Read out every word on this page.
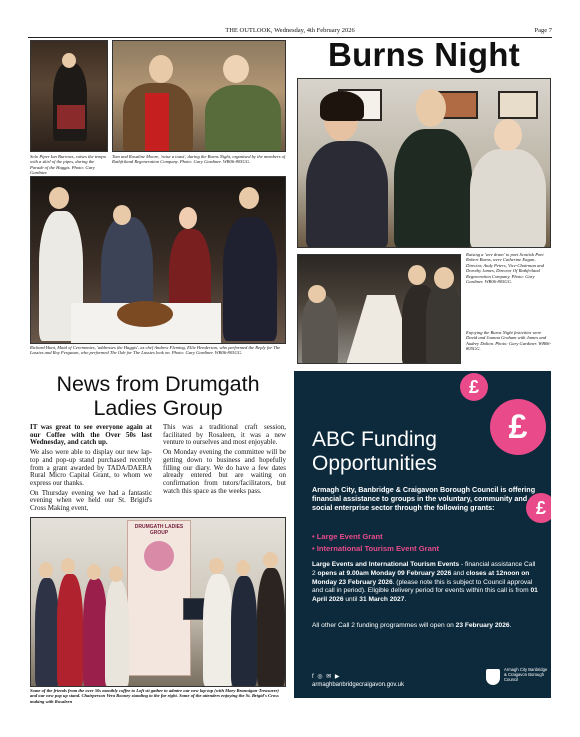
THE OUTLOOK, Wednesday, 4th February 2026	Page 7
Solo Piper Ian Burrows, raises the tempo with a skirl of the pipes, during the Parade of the Haggis. Photo: Gary Gardiner.
Tom and Rosaline Moore, 'raise a toast', during the Burns Night, organised by the members of Rathfriland Regeneration Company. Photo: Gary Gardiner. WB06-805GG.
Richard Hunt, Maid of Ceremonies, 'addresses the Haggis', as chef Andrew Fleming, Ellie Henderson, who performed the Reply for The Lassies and Roy Ferguson, who performed The Ode for The Lassies look on. Photo: Gary Gardiner. WB06-805GG.
Burns Night
Raising a 'wee dram' to poet Scottish Poet Robert Burns, were Catherine Eagan, Director, Andy Peters, Vice-Chairman and Dorothy James, Director Of Rathfriland Regeneration Company. Photo: Gary Gardiner. WB06-805GG.
Enjoying the Burns Night festivities were David and Joanna Graham with James and Audrey Dalton. Photo: Gary Gardiner. WB06-805GG.
News from Drumgath Ladies Group

IT was great to see everyone again at our Coffee with the Over 50s last Wednesday, and catch up.

We also were able to display our new lap-top and pop-up stand purchased recently from a grant awarded by TADA/DAERA Rural Micro Capital Grant, to whom we express our thanks.

On Thursday evening we had a fantastic evening when we held our St. Brigid's Cross Making event,

This was a traditional craft session, facilitated by Rosaleen, it was a new venture to ourselves and most enjoyable.

On Monday evening the committee will be getting down to business and hopefully filling our diary. We do have a few dates already entered but are waiting on confirmation from tutors/facilitators, but watch this space as the weeks pass.

DRUMGATH LADIES GROUP
Some of the friends from the over 50s monthly coffee to Loft sit gather to admire our new lap-top (with Mary Brannigan-Treasurer) and our new pop up stand. Chairperson Vera Rooney standing to the far right. Some of the attenders enjoying the St. Brigid's Cross making with Rosaleen
£
£
£
ABC Funding
Opportunities
Armagh City, Banbridge & Craigavon Borough Council is offering financial assistance to groups in the voluntary, community and social enterprise sector through the following grants:
• Large Event Grant
• International Tourism Event Grant
Large Events and International Tourism Events - financial assistance Call 2 opens at 9.00am Monday 09 February 2026 and closes at 12noon on Monday 23 February 2026. (please note this is subject to Council approval and call in period). Eligible delivery period for events within this call is from 01 April 2026 until 31 March 2027.
All other Call 2 funding programmes will open on 23 February 2026.
f ◎ ✉ ▶
armaghbanbridgecraigavon.gov.uk
Armagh City Banbridge & Craigavon Borough Council
